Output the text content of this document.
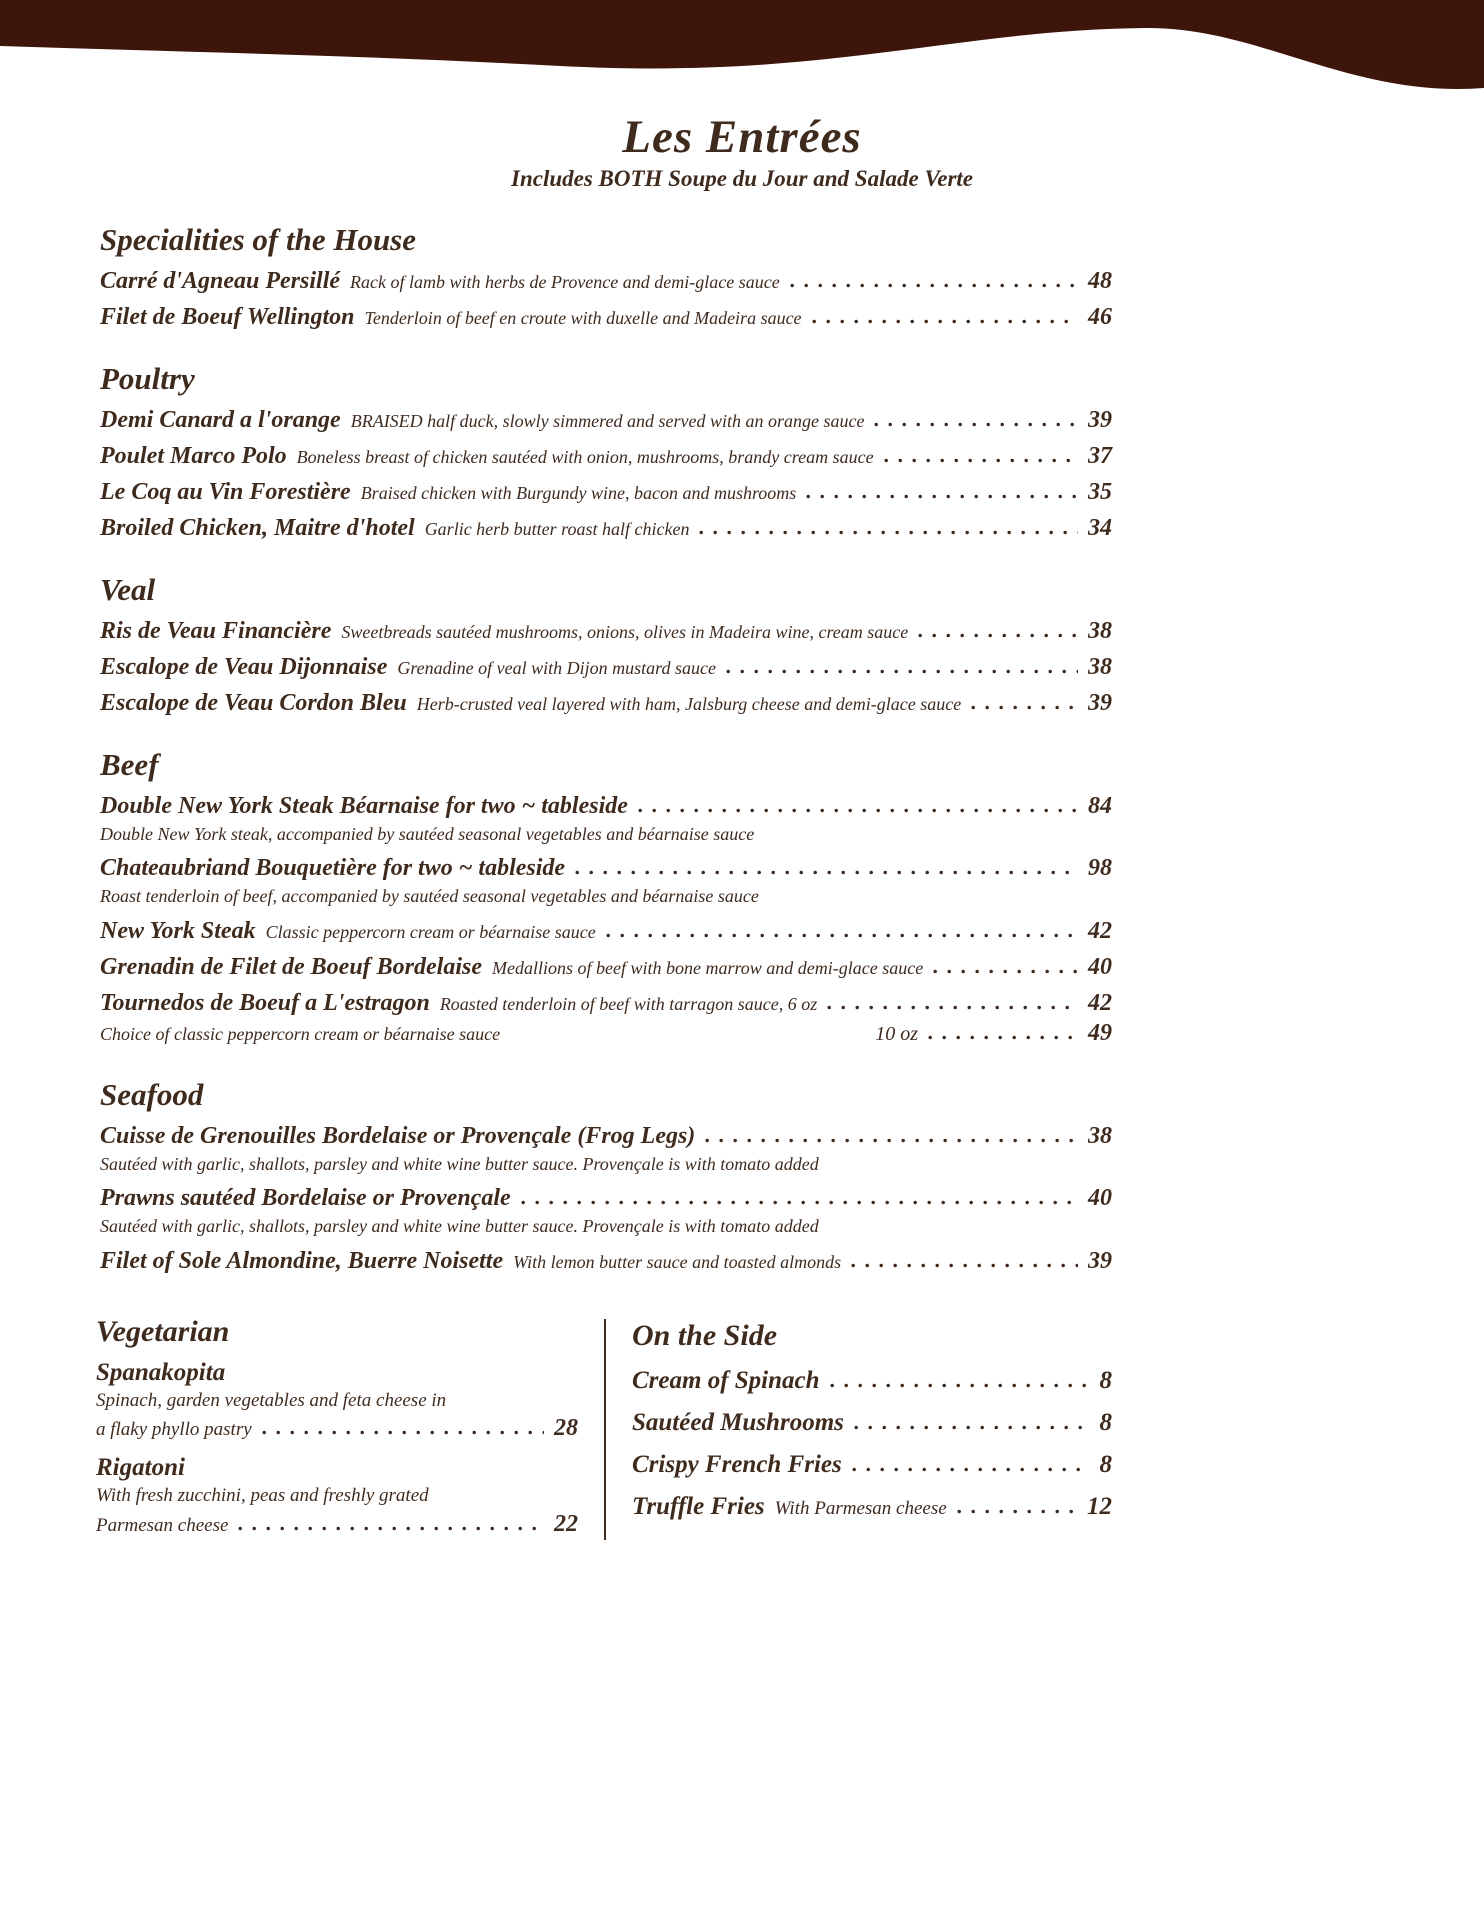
Les Entrées
Includes BOTH Soupe du Jour and Salade Verte
Specialities of the House
Carré d'Agneau Persillé Rack of lamb with herbs de Provence and demi-glace sauce	48
Filet de Boeuf Wellington Tenderloin of beef en croute with duxelle and Madeira sauce	46
Poultry
Demi Canard a l'orange BRAISED half duck, slowly simmered and served with an orange sauce	39
Poulet Marco Polo Boneless breast of chicken sautéed with onion, mushrooms, brandy cream sauce	37
Le Coq au Vin Forestière Braised chicken with Burgundy wine, bacon and mushrooms	35
Broiled Chicken, Maitre d'hotel Garlic herb butter roast half chicken	34
Veal
Ris de Veau Financière Sweetbreads sautéed mushrooms, onions, olives in Madeira wine, cream sauce	38
Escalope de Veau Dijonnaise Grenadine of veal with Dijon mustard sauce	38
Escalope de Veau Cordon Bleu Herb-crusted veal layered with ham, Jalsburg cheese and demi-glace sauce	39
Beef
Double New York Steak Béarnaise for two ~ tableside	84
Double New York steak, accompanied by sautéed seasonal vegetables and béarnaise sauce
Chateaubriand Bouquetière for two ~ tableside	98
Roast tenderloin of beef, accompanied by sautéed seasonal vegetables and béarnaise sauce
New York Steak Classic peppercorn cream or béarnaise sauce	42
Grenadin de Filet de Boeuf Bordelaise Medallions of beef with bone marrow and demi-glace sauce	40
Tournedos de Boeuf a L'estragon Roasted tenderloin of beef with tarragon sauce, 6 oz	42
Choice of classic peppercorn cream or béarnaise sauce	10 oz	49
Seafood
Cuisse de Grenouilles Bordelaise or Provençale (Frog Legs)	38
Sautéed with garlic, shallots, parsley and white wine butter sauce. Provençale is with tomato added
Prawns sautéed Bordelaise or Provençale	40
Sautéed with garlic, shallots, parsley and white wine butter sauce. Provençale is with tomato added
Filet of Sole Almondine, Buerre Noisette With lemon butter sauce and toasted almonds	39
Vegetarian
Spanakopita
Spinach, garden vegetables and feta cheese in
a flaky phyllo pastry	28
Rigatoni
With fresh zucchini, peas and freshly grated
Parmesan cheese	22
On the Side
Cream of Spinach	8
Sautéed Mushrooms	8
Crispy French Fries	8
Truffle Fries With Parmesan cheese	12
